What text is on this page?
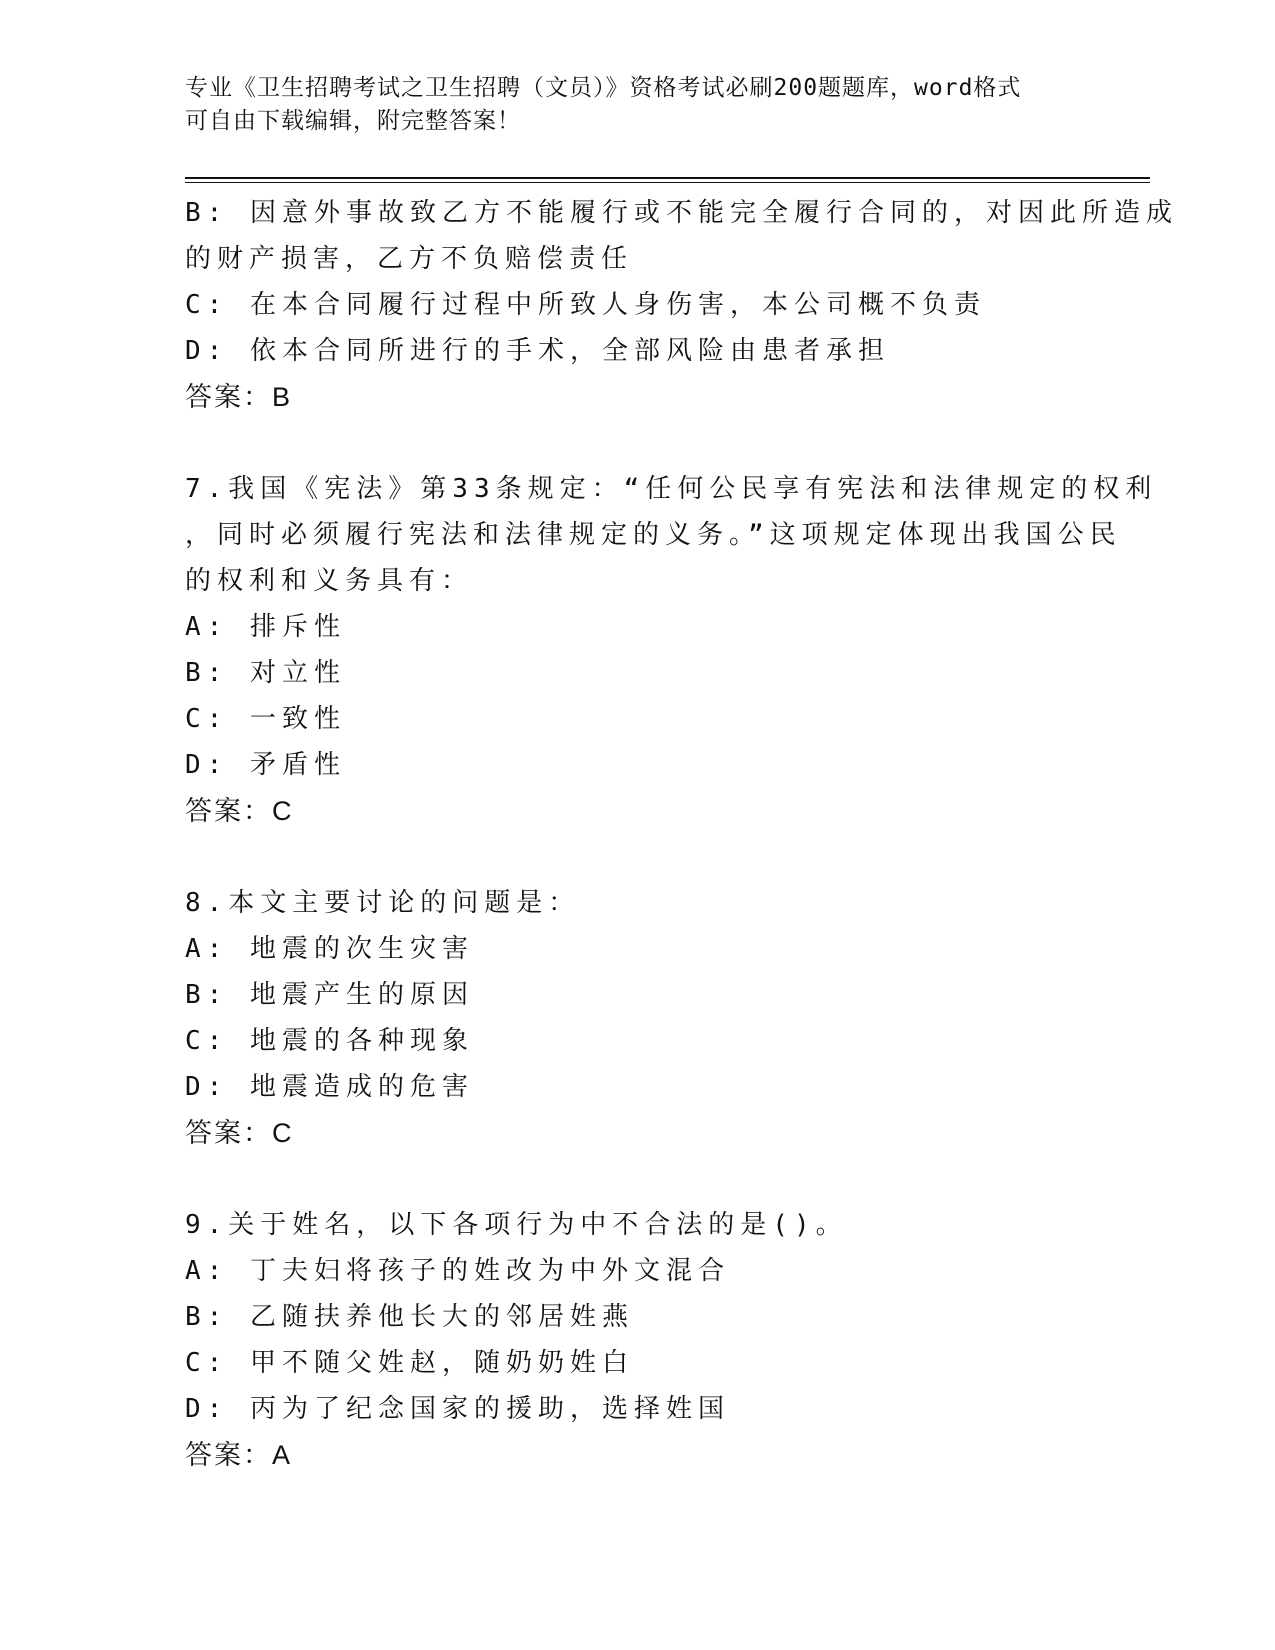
专业《卫生招聘考试之卫生招聘（文员）》资格考试必刷200题题库，word格式
可自由下载编辑，附完整答案！
B: 因意外事故致乙方不能履行或不能完全履行合同的，对因此所造成
的财产损害，乙方不负赔偿责任
C: 在本合同履行过程中所致人身伤害，本公司概不负责
D: 依本合同所进行的手术，全部风险由患者承担
答案：B
7.我国《宪法》第33条规定：“任何公民享有宪法和法律规定的权利
，同时必须履行宪法和法律规定的义务。”这项规定体现出我国公民
的权利和义务具有：
A: 排斥性
B: 对立性
C: 一致性
D: 矛盾性
答案：C
8.本文主要讨论的问题是：
A: 地震的次生灾害
B: 地震产生的原因
C: 地震的各种现象
D: 地震造成的危害
答案：C
9.关于姓名，以下各项行为中不合法的是()。
A: 丁夫妇将孩子的姓改为中外文混合
B: 乙随扶养他长大的邻居姓燕
C: 甲不随父姓赵，随奶奶姓白
D: 丙为了纪念国家的援助，选择姓国
答案：A
